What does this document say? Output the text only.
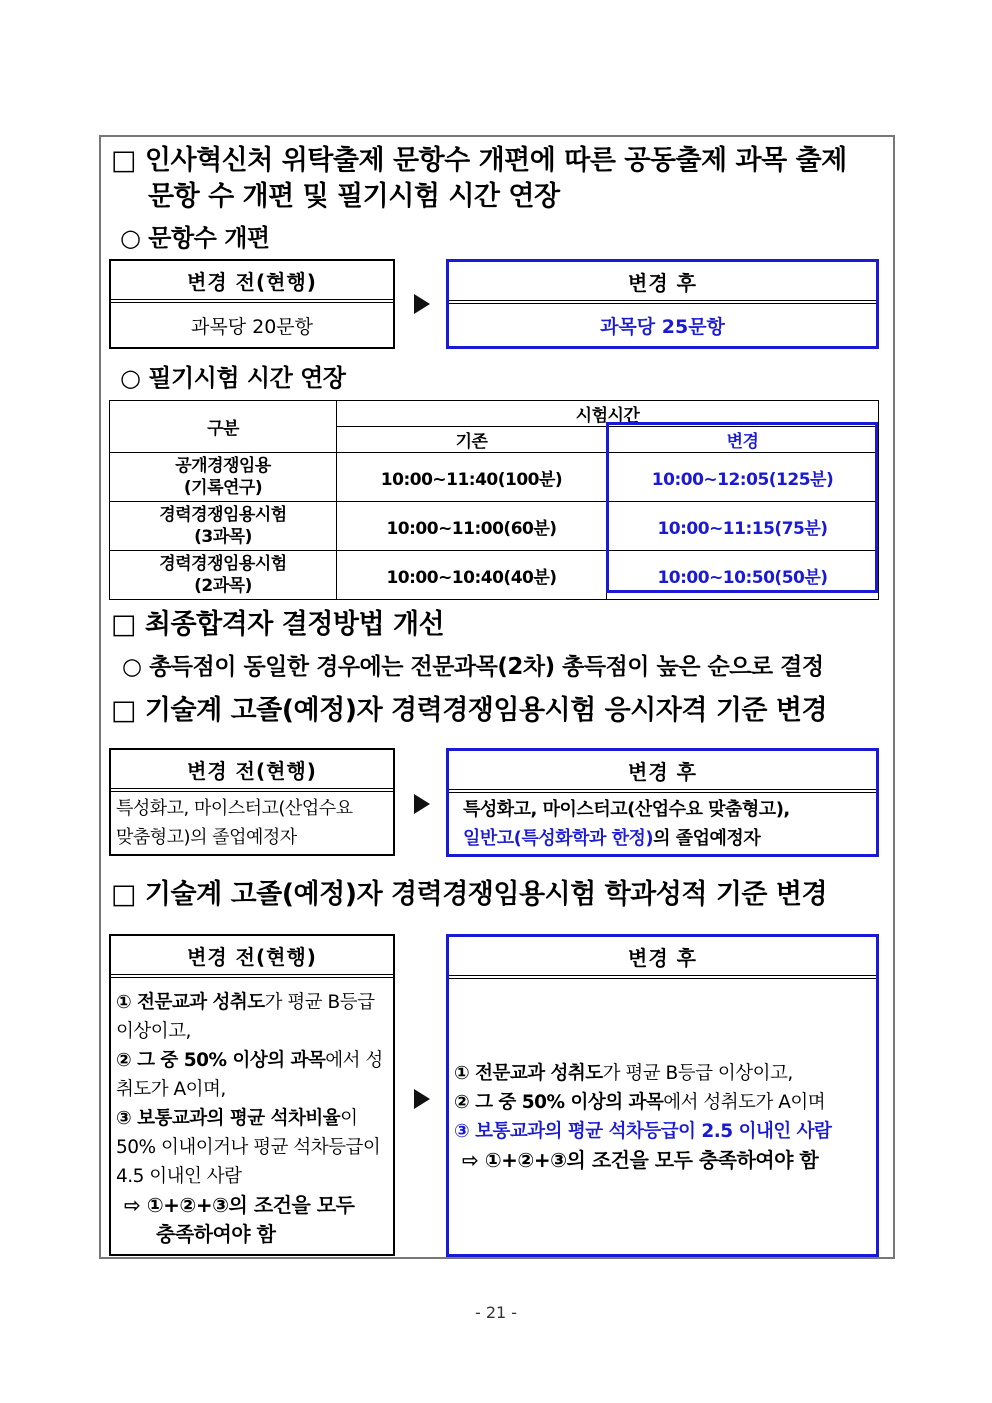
□ 인사혁신처 위탁출제 문항수 개편에 따른 공동출제 과목 출제
문항 수 개편 및 필기시험 시간 연장
○ 문항수 개편
변경 전(현행)
과목당 20문항
변경 후
과목당 25문항
○ 필기시험 시간 연장
구분	시험시간	
	기존	변경
공개경쟁임용
(기록연구)	10:00~11:40(100분)	10:00~12:05(125분)
경력경쟁임용시험
(3과목)	10:00~11:00(60분)	10:00~11:15(75분)
경력경쟁임용시험
(2과목)	10:00~10:40(40분)	10:00~10:50(50분)
□ 최종합격자 결정방법 개선
○ 총득점이 동일한 경우에는 전문과목(2차) 총득점이 높은 순으로 결정
□ 기술계 고졸(예정)자 경력경쟁임용시험 응시자격 기준 변경
변경 전(현행)
특성화고, 마이스터고(산업수요
맞춤형고)의 졸업예정자
변경 후
특성화고, 마이스터고(산업수요 맞춤형고),
일반고(특성화학과 한정)의 졸업예정자
□ 기술계 고졸(예정)자 경력경쟁임용시험 학과성적 기준 변경
변경 전(현행)
① 전문교과 성취도가 평균 B등급 이상이고,
② 그 중 50% 이상의 과목에서 성취도가 A이며,
③ 보통교과의 평균 석차비율이 50% 이내이거나 평균 석차등급이 4.5 이내인 사람
⇨ ①+②+③의 조건을 모두
충족하여야 함
변경 후
① 전문교과 성취도가 평균 B등급 이상이고,
② 그 중 50% 이상의 과목에서 성취도가 A이며
③ 보통교과의 평균 석차등급이 2.5 이내인 사람
⇨ ①+②+③의 조건을 모두 충족하여야 함
- 21 -
